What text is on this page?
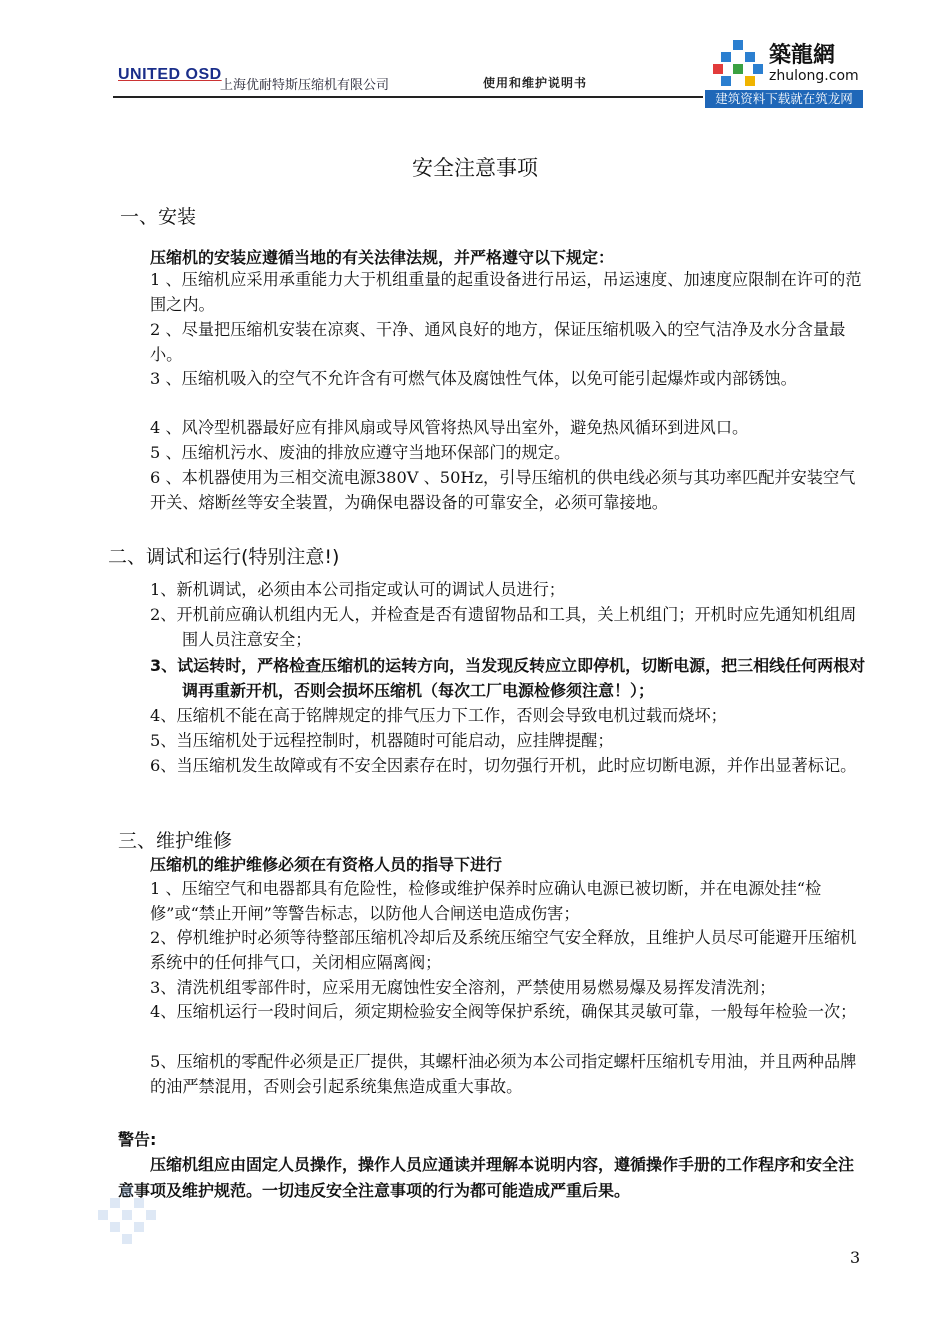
UNITED OSD
上海优耐特斯压缩机有限公司	使用和维护说明书
築龍網
zhulong.com
建筑资料下载就在筑龙网
安全注意事项
一、安装
压缩机的安装应遵循当地的有关法律法规，并严格遵守以下规定：
1 、压缩机应采用承重能力大于机组重量的起重设备进行吊运，吊运速度、加速度应限制在许可的范围之内。
2 、尽量把压缩机安装在凉爽、干净、通风良好的地方，保证压缩机吸入的空气洁净及水分含量最小。
3 、压缩机吸入的空气不允许含有可燃气体及腐蚀性气体，以免可能引起爆炸或内部锈蚀。
4 、风冷型机器最好应有排风扇或导风管将热风导出室外，避免热风循环到进风口。
5 、压缩机污水、废油的排放应遵守当地环保部门的规定。
6 、本机器使用为三相交流电源380V 、50Hz，引导压缩机的供电线必须与其功率匹配并安装空气开关、熔断丝等安全装置，为确保电器设备的可靠安全，必须可靠接地。
二、调试和运行(特别注意!)
1、新机调试，必须由本公司指定或认可的调试人员进行；
2、开机前应确认机组内无人，并检查是否有遗留物品和工具，关上机组门；开机时应先通知机组周围人员注意安全；
3、试运转时，严格检查压缩机的运转方向，当发现反转应立即停机，切断电源，把三相线任何两根对调再重新开机，否则会损坏压缩机（每次工厂电源检修须注意！）；
4、压缩机不能在高于铭牌规定的排气压力下工作，否则会导致电机过载而烧坏；
5、当压缩机处于远程控制时，机器随时可能启动，应挂牌提醒；
6、当压缩机发生故障或有不安全因素存在时，切勿强行开机，此时应切断电源，并作出显著标记。
三、维护维修
压缩机的维护维修必须在有资格人员的指导下进行
1 、压缩空气和电器都具有危险性，检修或维护保养时应确认电源已被切断，并在电源处挂“检修”或“禁止开闸”等警告标志，以防他人合闸送电造成伤害；
2、停机维护时必须等待整部压缩机冷却后及系统压缩空气安全释放，且维护人员尽可能避开压缩机系统中的任何排气口，关闭相应隔离阀；
3、清洗机组零部件时，应采用无腐蚀性安全溶剂，严禁使用易燃易爆及易挥发清洗剂；
4、压缩机运行一段时间后，须定期检验安全阀等保护系统，确保其灵敏可靠，一般每年检验一次；
5、压缩机的零配件必须是正厂提供，其螺杆油必须为本公司指定螺杆压缩机专用油，并且两种品牌的油严禁混用，否则会引起系统集焦造成重大事故。
警告:
压缩机组应由固定人员操作，操作人员应通读并理解本说明内容，遵循操作手册的工作程序和安全注意事项及维护规范。一切违反安全注意事项的行为都可能造成严重后果。
3
